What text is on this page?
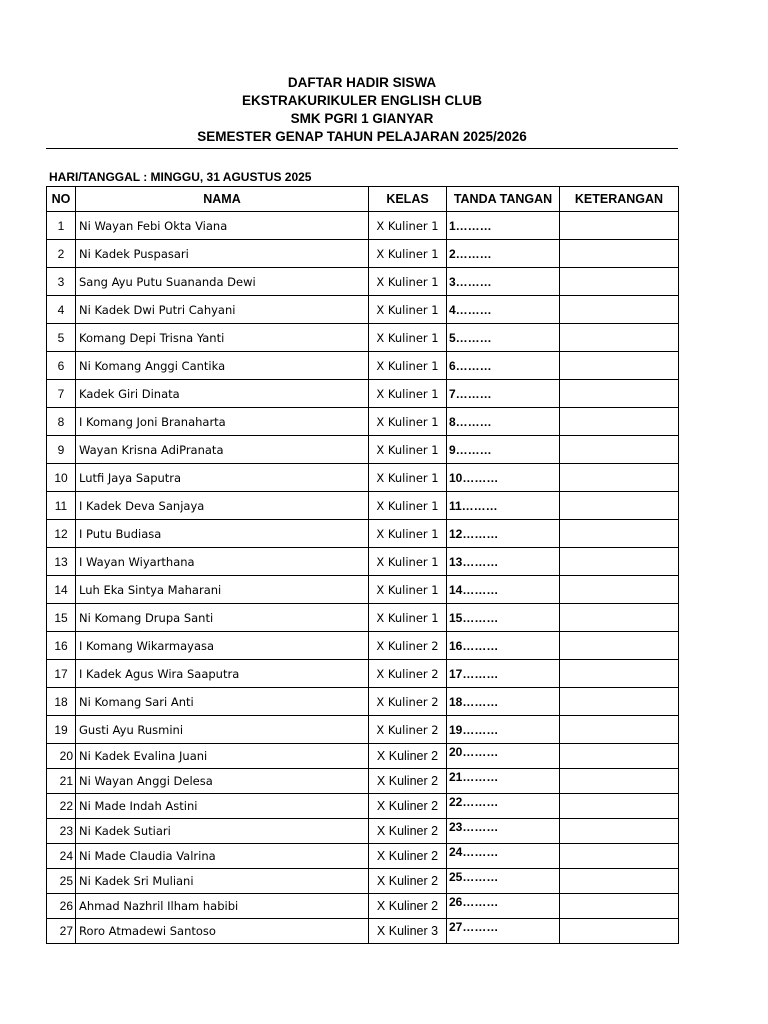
DAFTAR HADIR SISWA
EKSTRAKURIKULER ENGLISH CLUB
SMK PGRI 1 GIANYAR
SEMESTER GENAP TAHUN PELAJARAN 2025/2026
HARI/TANGGAL : MINGGU, 31 AGUSTUS 2025
NO	NAMA	KELAS	TANDA TANGAN	KETERANGAN
1	Ni Wayan Febi Okta Viana	X Kuliner 1	1………	
2	Ni Kadek Puspasari	X Kuliner 1	2………	
3	Sang Ayu Putu Suananda Dewi	X Kuliner 1	3………	
4	Ni Kadek Dwi Putri Cahyani	X Kuliner 1	4………	
5	Komang Depi Trisna Yanti	X Kuliner 1	5………	
6	Ni Komang Anggi Cantika	X Kuliner 1	6………	
7	Kadek Giri Dinata	X Kuliner 1	7………	
8	I Komang Joni Branaharta	X Kuliner 1	8………	
9	Wayan Krisna AdiPranata	X Kuliner 1	9………	
10	Lutfi Jaya Saputra	X Kuliner 1	10………	
11	I Kadek Deva Sanjaya	X Kuliner 1	11………	
12	I Putu Budiasa	X Kuliner 1	12………	
13	I Wayan Wiyarthana	X Kuliner 1	13………	
14	Luh Eka Sintya Maharani	X Kuliner 1	14………	
15	Ni Komang Drupa Santi	X Kuliner 1	15………	
16	I Komang Wikarmayasa	X Kuliner 2	16………	
17	I Kadek Agus Wira Saaputra	X Kuliner 2	17………	
18	Ni Komang Sari Anti	X Kuliner 2	18………	
19	Gusti Ayu Rusmini	X Kuliner 2	19………	
20	Ni Kadek Evalina Juani	X Kuliner 2	20………	
21	Ni Wayan Anggi Delesa	X Kuliner 2	21………	
22	Ni Made Indah Astini	X Kuliner 2	22………	
23	Ni Kadek Sutiari	X Kuliner 2	23………	
24	Ni Made Claudia Valrina	X Kuliner 2	24………	
25	Ni Kadek Sri Muliani	X Kuliner 2	25………	
26	Ahmad Nazhril Ilham habibi	X Kuliner 2	26………	
27	Roro Atmadewi Santoso	X Kuliner 3	27………	
